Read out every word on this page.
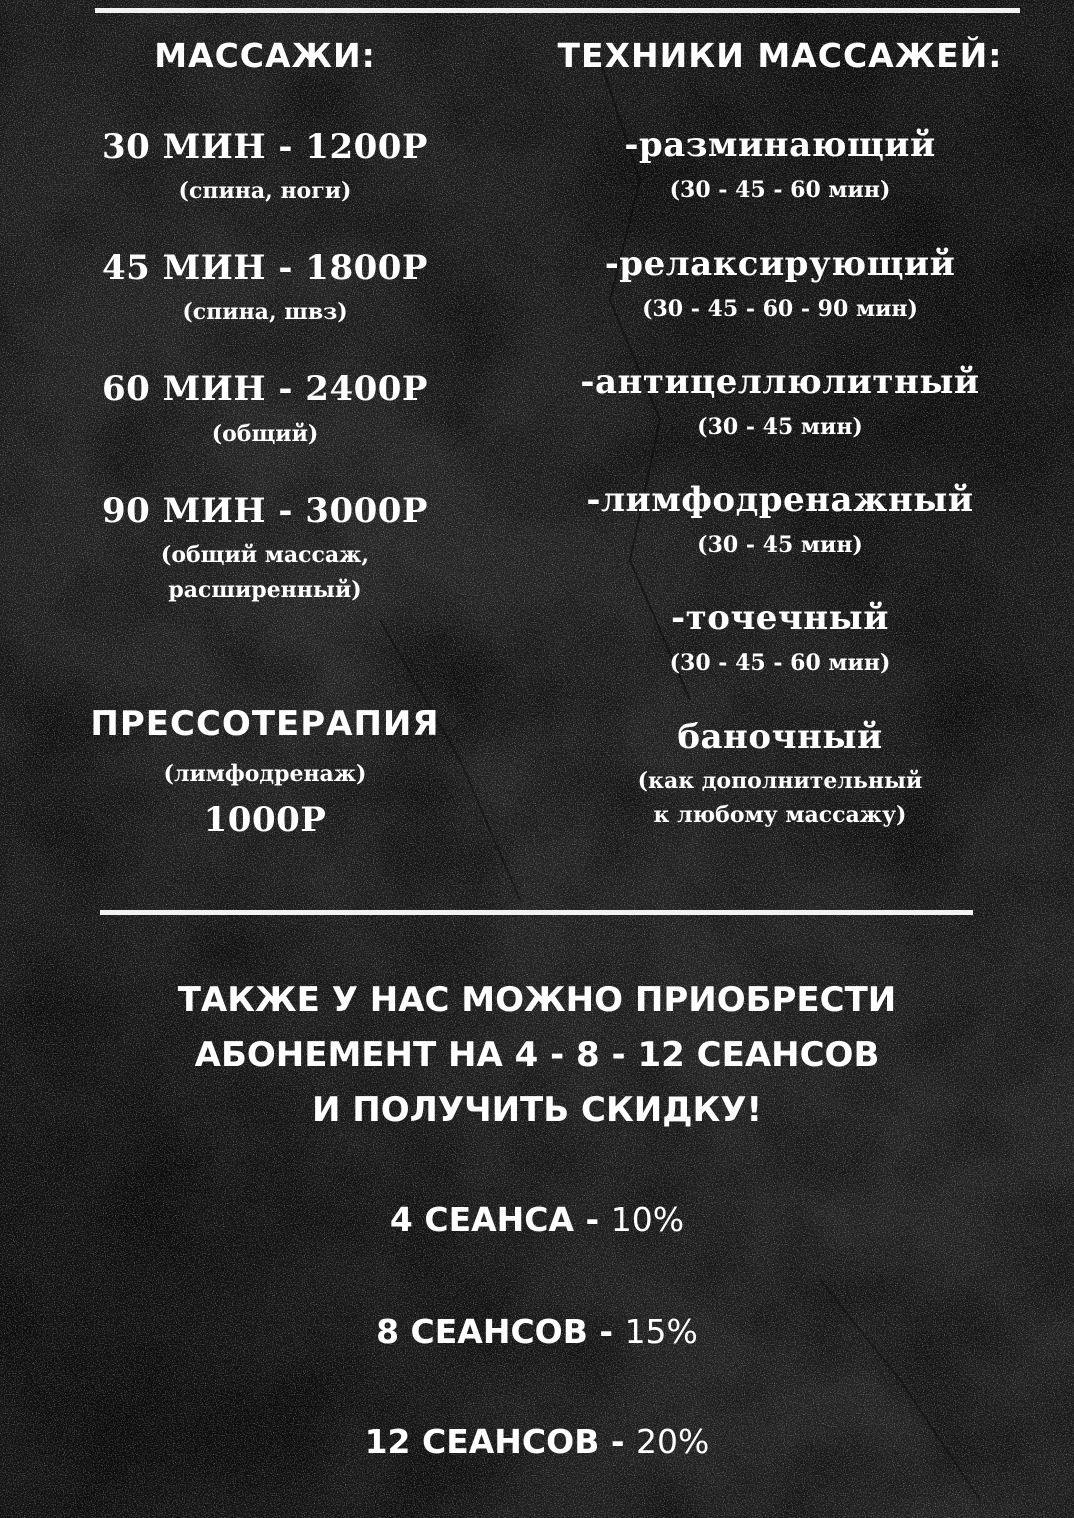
МАССАЖИ:
30 МИН - 1200Р
(спина, ноги)
45 МИН - 1800Р
(спина, швз)
60 МИН - 2400Р
(общий)
90 МИН - 3000Р
(общий массаж,
расширенный)
ПРЕССОТЕРАПИЯ
(лимфодренаж)
1000Р
ТЕХНИКИ МАССАЖЕЙ:
-разминающий
(30 - 45 - 60 мин)
-релаксирующий
(30 - 45 - 60 - 90 мин)
-антицеллюлитный
(30 - 45 мин)
-лимфодренажный
(30 - 45 мин)
-точечный
(30 - 45 - 60 мин)
баночный
(как дополнительный
к любому массажу)
ТАКЖЕ У НАС МОЖНО ПРИОБРЕСТИ
АБОНЕМЕНТ НА 4 - 8 - 12 СЕАНСОВ
И ПОЛУЧИТЬ СКИДКУ!
4 СЕАНСА - 10%
8 СЕАНСОВ - 15%
12 СЕАНСОВ - 20%
